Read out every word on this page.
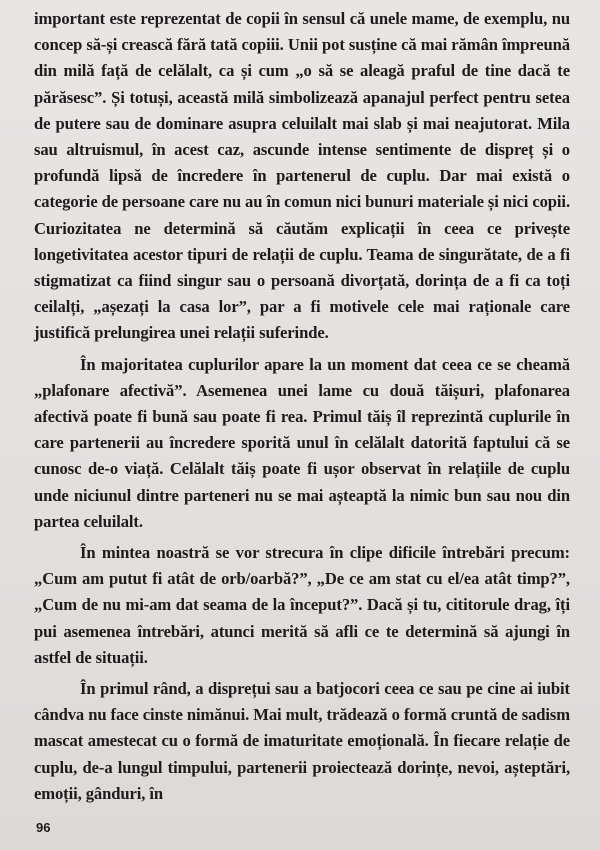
important este reprezentat de copii în sensul că unele mame, de exemplu, nu concep să-și crească fără tată copiii. Unii pot susține că mai rămân împreună din milă față de celălalt, ca și cum „o să se aleagă praful de tine dacă te părăsesc”. Și totuși, această milă simbolizează apanajul perfect pentru setea de putere sau de dominare asupra celuilalt mai slab și mai neajutorat. Mila sau altruismul, în acest caz, ascunde intense sentimente de dispreț și o profundă lipsă de încredere în partenerul de cuplu. Dar mai există o categorie de persoane care nu au în comun nici bunuri materiale și nici copii. Curiozitatea ne determină să căutăm explicații în ceea ce privește longetivitatea acestor tipuri de relații de cuplu. Teama de singurătate, de a fi stigmatizat ca fiind singur sau o persoană divorțată, dorința de a fi ca toți ceilalți, „așezați la casa lor”, par a fi motivele cele mai raționale care justifică prelungirea unei relații suferinde.

În majoritatea cuplurilor apare la un moment dat ceea ce se cheamă „plafonare afectivă”. Asemenea unei lame cu două tăișuri, plafonarea afectivă poate fi bună sau poate fi rea. Primul tăiș îl reprezintă cuplurile în care partenerii au încredere sporită unul în celălalt datorită faptului că se cunosc de-o viață. Celălalt tăiș poate fi ușor observat în relațiile de cuplu unde niciunul dintre parteneri nu se mai așteaptă la nimic bun sau nou din partea celuilalt.

În mintea noastră se vor strecura în clipe dificile întrebări precum: „Cum am putut fi atât de orb/oarbă?”, „De ce am stat cu el/ea atât timp?”, „Cum de nu mi-am dat seama de la început?”. Dacă și tu, cititorule drag, îți pui asemenea întrebări, atunci merită să afli ce te determină să ajungi în astfel de situații.

În primul rând, a disprețui sau a batjocori ceea ce sau pe cine ai iubit cândva nu face cinste nimănui. Mai mult, trădează o formă cruntă de sadism mascat amestecat cu o formă de imaturitate emoțională. În fiecare relație de cuplu, de-a lungul timpului, partenerii proiectează dorințe, nevoi, așteptări, emoții, gânduri, în

96
